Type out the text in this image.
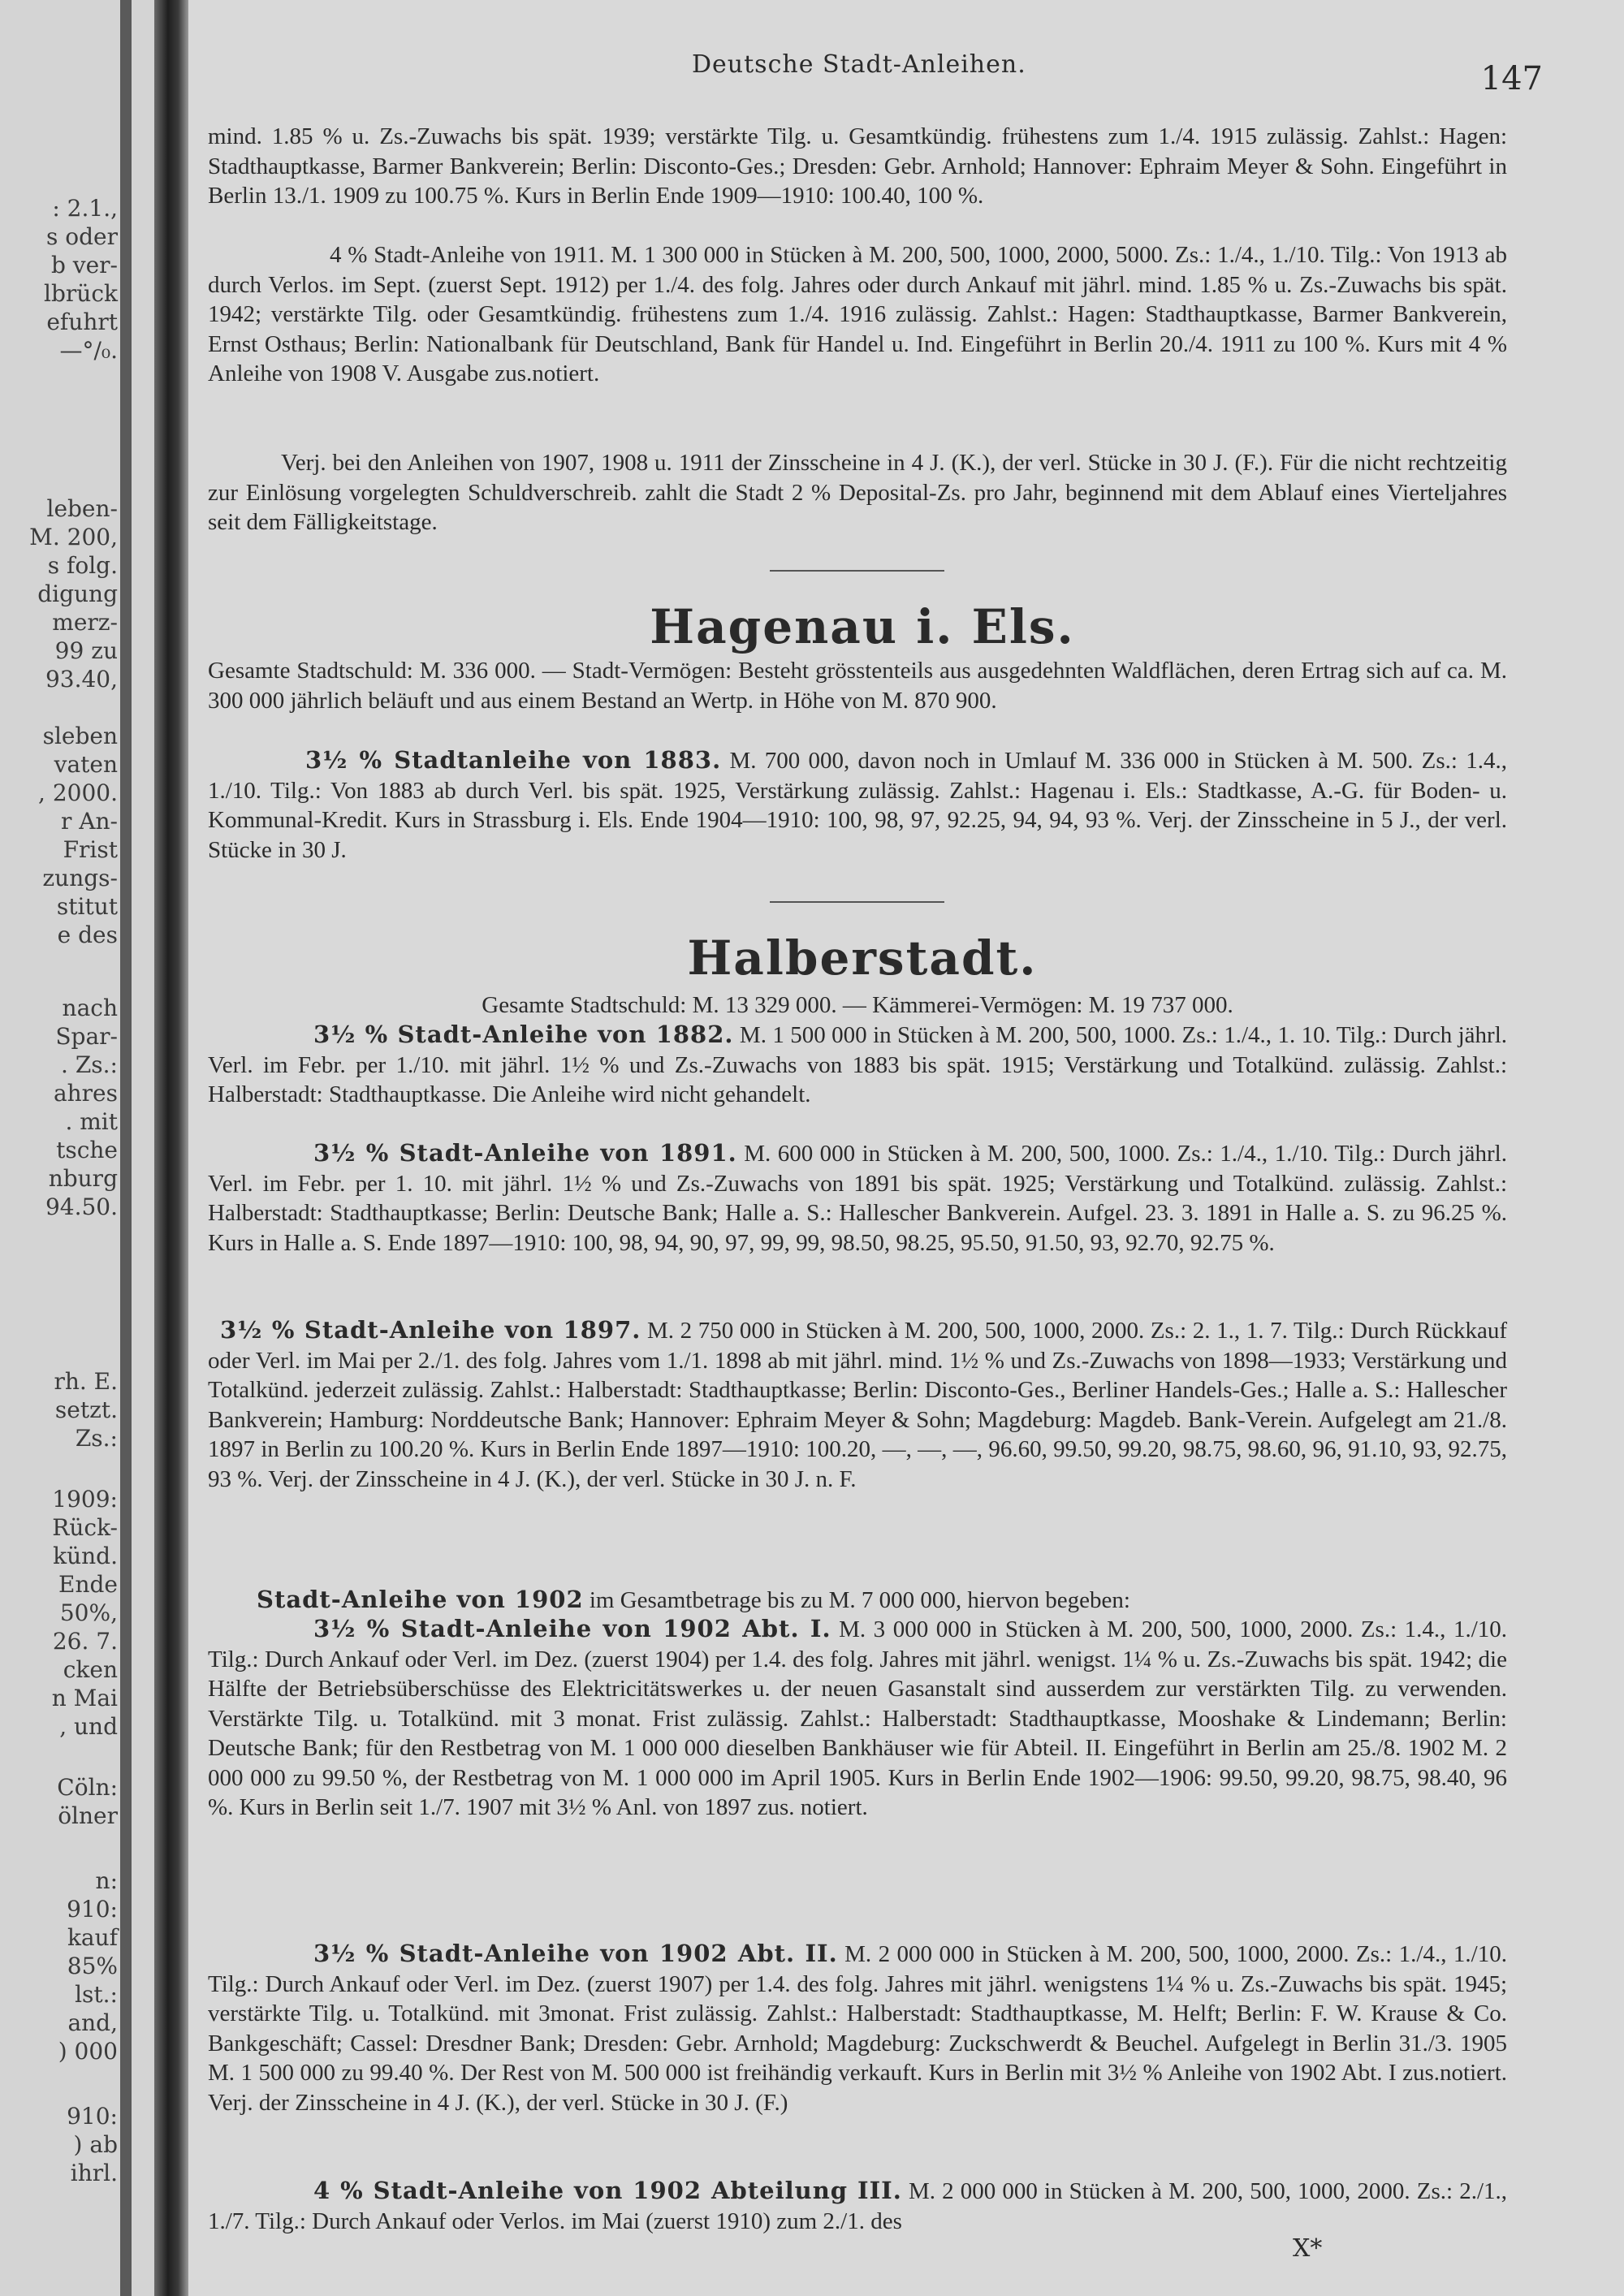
: 2.1.,
s oder
b ver-
lbrück
efuhrt
—°/₀.
leben-
M. 200,
s folg.
digung
merz-
99 zu
93.40,
sleben
vaten
, 2000.
r An-
Frist
zungs-
stitut
e des
nach
Spar-
. Zs.:
ahres
. mit
tsche
nburg
94.50.
rh. E.
setzt.
Zs.:
1909:
Rück-
künd.
Ende
50%,
26. 7.
cken
n Mai
, und
Cöln:
ölner
n:
910:
kauf
85%
lst.:
and,
) 000
910:
) ab
ihrl.
Deutsche Stadt-Anleihen.	147
mind. 1.85 % u. Zs.-Zuwachs bis spät. 1939; verstärkte Tilg. u. Gesamtkündig. frühestens zum 1./4. 1915 zulässig. Zahlst.: Hagen: Stadthauptkasse, Barmer Bankverein; Berlin: Disconto-Ges.; Dresden: Gebr. Arnhold; Hannover: Ephraim Meyer & Sohn. Eingeführt in Berlin 13./1. 1909 zu 100.75 %. Kurs in Berlin Ende 1909—1910: 100.40, 100 %.
4 % Stadt-Anleihe von 1911. M. 1 300 000 in Stücken à M. 200, 500, 1000, 2000, 5000. Zs.: 1./4., 1./10. Tilg.: Von 1913 ab durch Verlos. im Sept. (zuerst Sept. 1912) per 1./4. des folg. Jahres oder durch Ankauf mit jährl. mind. 1.85 % u. Zs.-Zuwachs bis spät. 1942; verstärkte Tilg. oder Gesamtkündig. frühestens zum 1./4. 1916 zulässig. Zahlst.: Hagen: Stadthauptkasse, Barmer Bankverein, Ernst Osthaus; Berlin: Nationalbank für Deutschland, Bank für Handel u. Ind. Eingeführt in Berlin 20./4. 1911 zu 100 %. Kurs mit 4 % Anleihe von 1908 V. Ausgabe zus.notiert.
Verj. bei den Anleihen von 1907, 1908 u. 1911 der Zinsscheine in 4 J. (K.), der verl. Stücke in 30 J. (F.). Für die nicht rechtzeitig zur Einlösung vorgelegten Schuldverschreib. zahlt die Stadt 2 % Deposital-Zs. pro Jahr, beginnend mit dem Ablauf eines Vierteljahres seit dem Fälligkeitstage.
Hagenau i. Els.
Gesamte Stadtschuld: M. 336 000. — Stadt-Vermögen: Besteht grösstenteils aus ausgedehnten Waldflächen, deren Ertrag sich auf ca. M. 300 000 jährlich beläuft und aus einem Bestand an Wertp. in Höhe von M. 870 900.
3½ % Stadtanleihe von 1883. M. 700 000, davon noch in Umlauf M. 336 000 in Stücken à M. 500. Zs.: 1.4., 1./10. Tilg.: Von 1883 ab durch Verl. bis spät. 1925, Verstärkung zulässig. Zahlst.: Hagenau i. Els.: Stadtkasse, A.-G. für Boden- u. Kommunal-Kredit. Kurs in Strassburg i. Els. Ende 1904—1910: 100, 98, 97, 92.25, 94, 94, 93 %. Verj. der Zinsscheine in 5 J., der verl. Stücke in 30 J.
Halberstadt.
Gesamte Stadtschuld: M. 13 329 000. — Kämmerei-Vermögen: M. 19 737 000.
3½ % Stadt-Anleihe von 1882. M. 1 500 000 in Stücken à M. 200, 500, 1000. Zs.: 1./4., 1. 10. Tilg.: Durch jährl. Verl. im Febr. per 1./10. mit jährl. 1½ % und Zs.-Zuwachs von 1883 bis spät. 1915; Verstärkung und Totalkünd. zulässig. Zahlst.: Halberstadt: Stadthauptkasse. Die Anleihe wird nicht gehandelt.
3½ % Stadt-Anleihe von 1891. M. 600 000 in Stücken à M. 200, 500, 1000. Zs.: 1./4., 1./10. Tilg.: Durch jährl. Verl. im Febr. per 1. 10. mit jährl. 1½ % und Zs.-Zuwachs von 1891 bis spät. 1925; Verstärkung und Totalkünd. zulässig. Zahlst.: Halberstadt: Stadthauptkasse; Berlin: Deutsche Bank; Halle a. S.: Hallescher Bankverein. Aufgel. 23. 3. 1891 in Halle a. S. zu 96.25 %. Kurs in Halle a. S. Ende 1897—1910: 100, 98, 94, 90, 97, 99, 99, 98.50, 98.25, 95.50, 91.50, 93, 92.70, 92.75 %.
3½ % Stadt-Anleihe von 1897. M. 2 750 000 in Stücken à M. 200, 500, 1000, 2000. Zs.: 2. 1., 1. 7. Tilg.: Durch Rückkauf oder Verl. im Mai per 2./1. des folg. Jahres vom 1./1. 1898 ab mit jährl. mind. 1½ % und Zs.-Zuwachs von 1898—1933; Verstärkung und Totalkünd. jederzeit zulässig. Zahlst.: Halberstadt: Stadthauptkasse; Berlin: Disconto-Ges., Berliner Handels-Ges.; Halle a. S.: Hallescher Bankverein; Hamburg: Norddeutsche Bank; Hannover: Ephraim Meyer & Sohn; Magdeburg: Magdeb. Bank-Verein. Aufgelegt am 21./8. 1897 in Berlin zu 100.20 %. Kurs in Berlin Ende 1897—1910: 100.20, —, —, —, 96.60, 99.50, 99.20, 98.75, 98.60, 96, 91.10, 93, 92.75, 93 %. Verj. der Zinsscheine in 4 J. (K.), der verl. Stücke in 30 J. n. F.
Stadt-Anleihe von 1902 im Gesamtbetrage bis zu M. 7 000 000, hiervon begeben:
3½ % Stadt-Anleihe von 1902 Abt. I. M. 3 000 000 in Stücken à M. 200, 500, 1000, 2000. Zs.: 1.4., 1./10. Tilg.: Durch Ankauf oder Verl. im Dez. (zuerst 1904) per 1.4. des folg. Jahres mit jährl. wenigst. 1¼ % u. Zs.-Zuwachs bis spät. 1942; die Hälfte der Betriebsüberschüsse des Elektricitätswerkes u. der neuen Gasanstalt sind ausserdem zur verstärkten Tilg. zu verwenden. Verstärkte Tilg. u. Totalkünd. mit 3 monat. Frist zulässig. Zahlst.: Halberstadt: Stadthauptkasse, Mooshake & Lindemann; Berlin: Deutsche Bank; für den Restbetrag von M. 1 000 000 dieselben Bankhäuser wie für Abteil. II. Eingeführt in Berlin am 25./8. 1902 M. 2 000 000 zu 99.50 %, der Restbetrag von M. 1 000 000 im April 1905. Kurs in Berlin Ende 1902—1906: 99.50, 99.20, 98.75, 98.40, 96 %. Kurs in Berlin seit 1./7. 1907 mit 3½ % Anl. von 1897 zus. notiert.
3½ % Stadt-Anleihe von 1902 Abt. II. M. 2 000 000 in Stücken à M. 200, 500, 1000, 2000. Zs.: 1./4., 1./10. Tilg.: Durch Ankauf oder Verl. im Dez. (zuerst 1907) per 1.4. des folg. Jahres mit jährl. wenigstens 1¼ % u. Zs.-Zuwachs bis spät. 1945; verstärkte Tilg. u. Totalkünd. mit 3monat. Frist zulässig. Zahlst.: Halberstadt: Stadthauptkasse, M. Helft; Berlin: F. W. Krause & Co. Bankgeschäft; Cassel: Dresdner Bank; Dresden: Gebr. Arnhold; Magdeburg: Zuckschwerdt & Beuchel. Aufgelegt in Berlin 31./3. 1905 M. 1 500 000 zu 99.40 %. Der Rest von M. 500 000 ist freihändig verkauft. Kurs in Berlin mit 3½ % Anleihe von 1902 Abt. I zus.notiert. Verj. der Zinsscheine in 4 J. (K.), der verl. Stücke in 30 J. (F.)
4 % Stadt-Anleihe von 1902 Abteilung III. M. 2 000 000 in Stücken à M. 200, 500, 1000, 2000. Zs.: 2./1., 1./7. Tilg.: Durch Ankauf oder Verlos. im Mai (zuerst 1910) zum 2./1. des
X*
